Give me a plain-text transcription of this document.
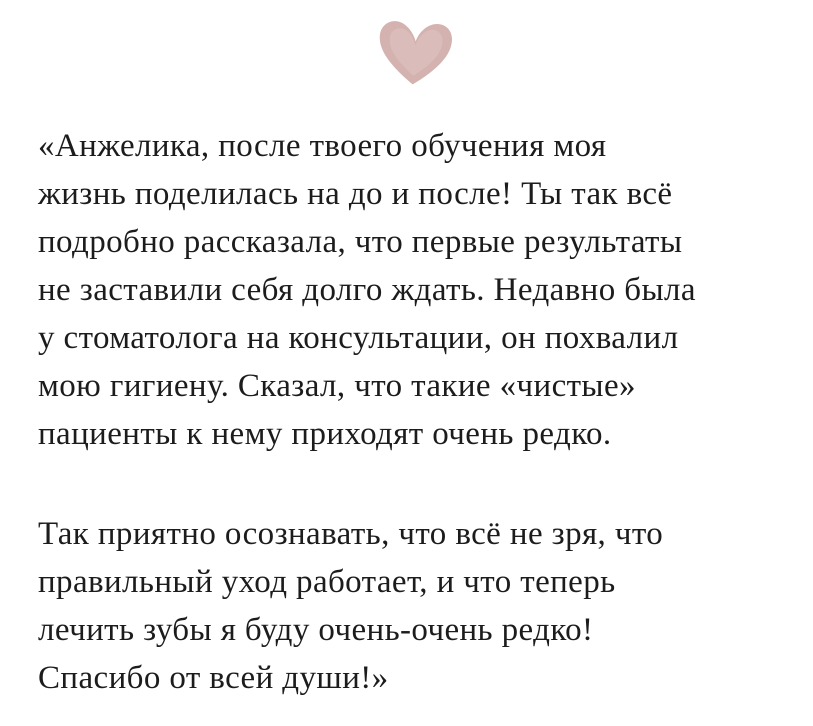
«Анжелика, после твоего обучения моя
жизнь поделилась на до и после! Ты так всё
подробно рассказала, что первые результаты
не заставили себя долго ждать. Недавно была
у стоматолога на консультации, он похвалил
мою гигиену. Сказал, что такие «чистые»
пациенты к нему приходят очень редко.

Так приятно осознавать, что всё не зря, что
правильный уход работает, и что теперь
лечить зубы я буду очень-очень редко!
Спасибо от всей души!»
